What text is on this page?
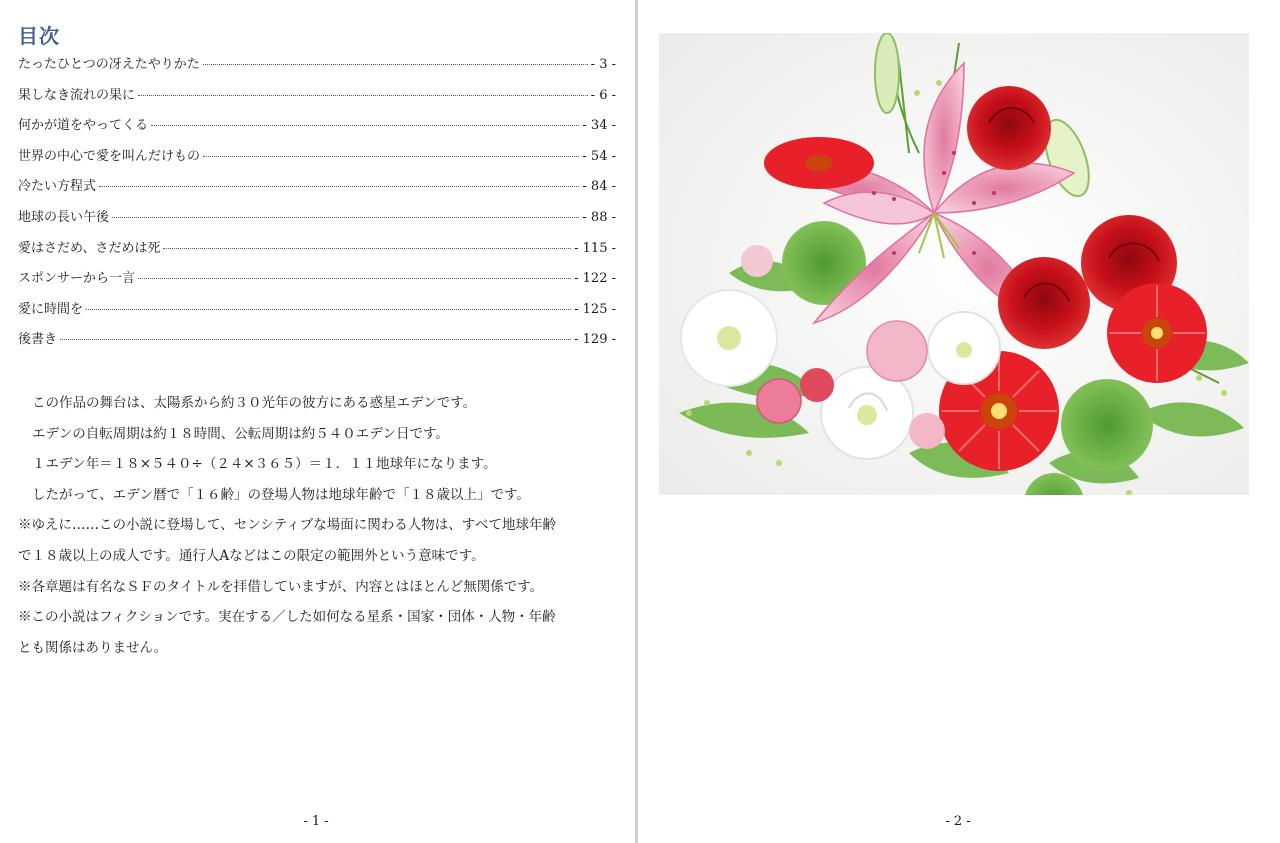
目次
たったひとつの冴えたやりかた	- 3 -
果しなき流れの果に	- 6 -
何かが道をやってくる	- 34 -
世界の中心で愛を叫んだけもの	- 54 -
冷たい方程式	- 84 -
地球の長い午後	- 88 -
愛はさだめ、さだめは死	- 115 -
スポンサーから一言	- 122 -
愛に時間を	- 125 -
後書き	- 129 -
この作品の舞台は、太陽系から約３０光年の彼方にある惑星エデンです。
エデンの自転周期は約１８時間、公転周期は約５４０エデン日です。
１エデン年＝１８×５４０÷（２４×３６５）＝１．１１地球年になります。
したがって、エデン暦で「１６齢」の登場人物は地球年齢で「１８歳以上」です。
※ゆえに……この小説に登場して、センシティブな場面に関わる人物は、すべて地球年齢
で１８歳以上の成人です。通行人Aなどはこの限定の範囲外という意味です。
※各章題は有名なＳＦのタイトルを拝借していますが、内容とはほとんど無関係です。
※この小説はフィクションです。実在する／した如何なる星系・国家・団体・人物・年齢
とも関係はありません。
- 1 -	- 2 -
